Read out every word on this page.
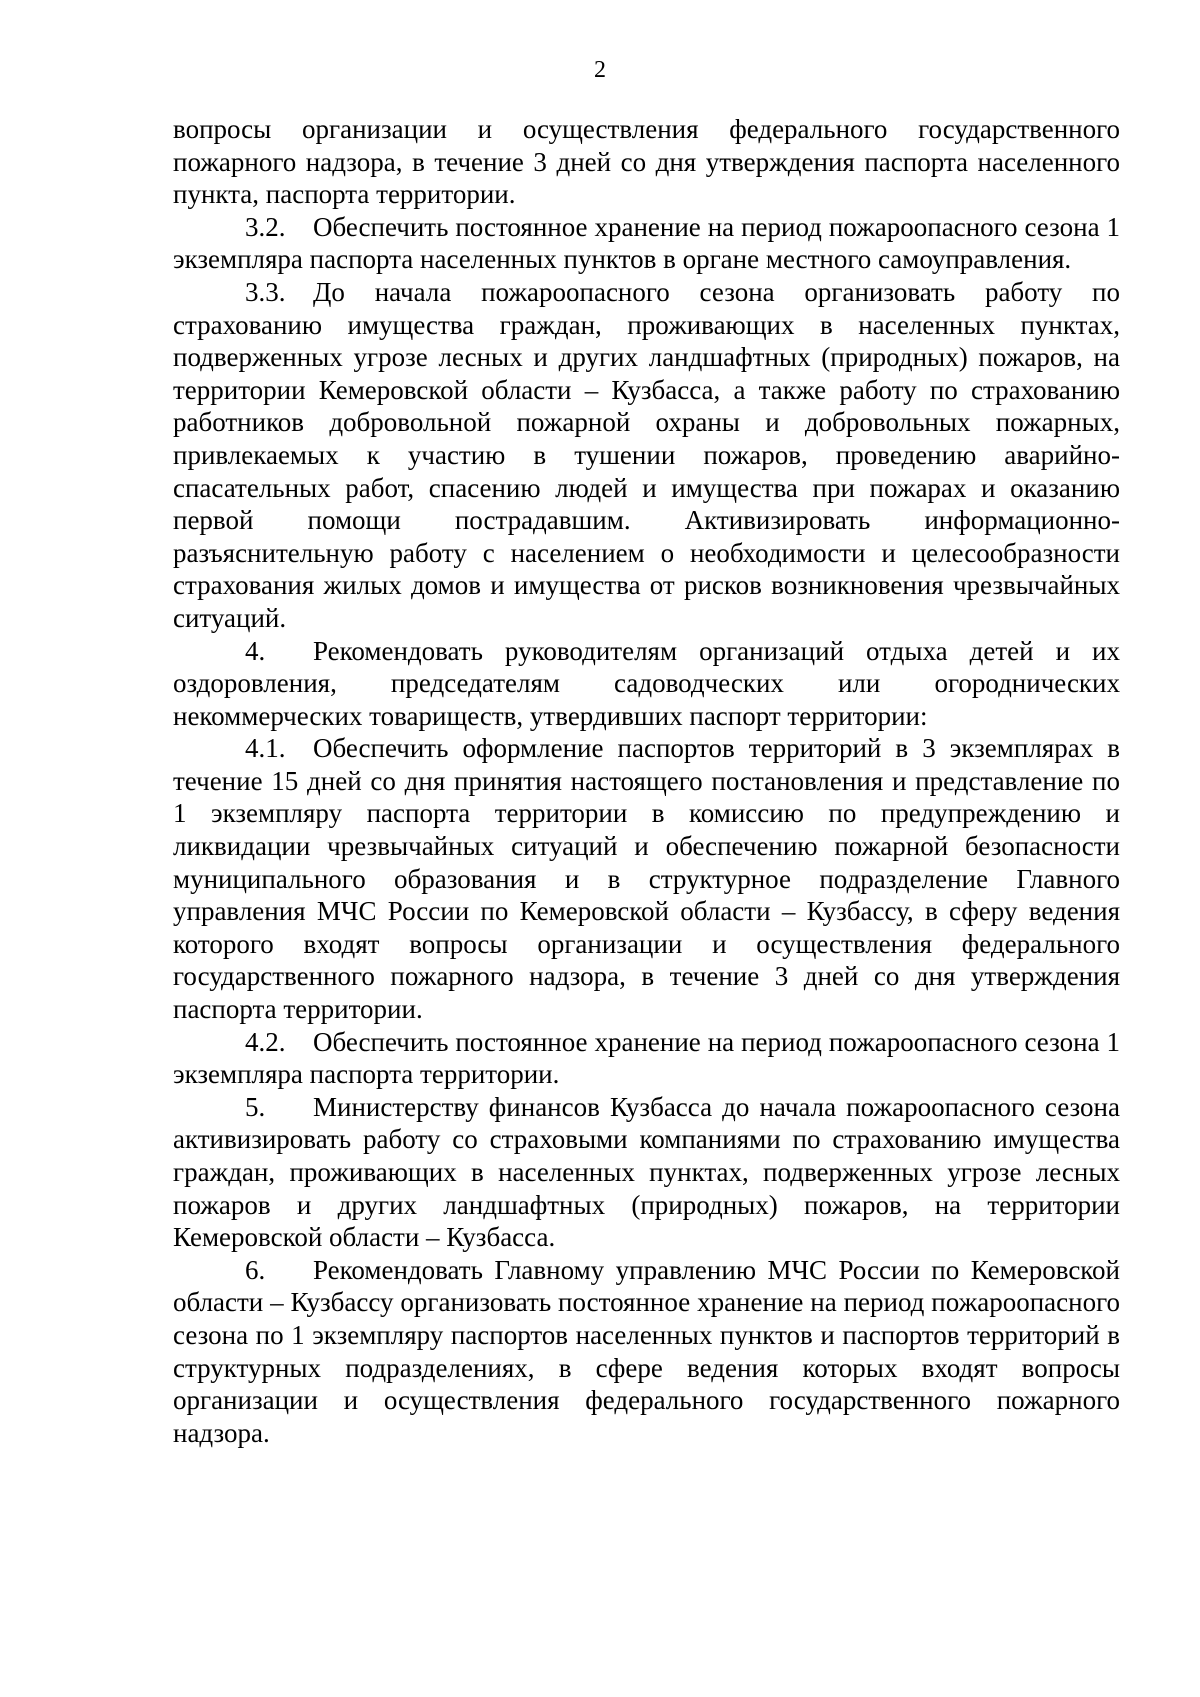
2

вопросы организации и осуществления федерального государственного пожарного надзора, в течение 3 дней со дня утверждения паспорта населенного пункта, паспорта территории.

3.2. Обеспечить постоянное хранение на период пожароопасного сезона 1 экземпляра паспорта населенных пунктов в органе местного самоуправления.

3.3. До начала пожароопасного сезона организовать работу по страхованию имущества граждан, проживающих в населенных пунктах, подверженных угрозе лесных и других ландшафтных (природных) пожаров, на территории Кемеровской области – Кузбасса, а также работу по страхованию работников добровольной пожарной охраны и добровольных пожарных, привлекаемых к участию в тушении пожаров, проведению аварийно-спасательных работ, спасению людей и имущества при пожарах и оказанию первой помощи пострадавшим. Активизировать информационно-разъяснительную работу с населением о необходимости и целесообразности страхования жилых домов и имущества от рисков возникновения чрезвычайных ситуаций.

4. Рекомендовать руководителям организаций отдыха детей и их оздоровления, председателям садоводческих или огороднических некоммерческих товариществ, утвердивших паспорт территории:

4.1. Обеспечить оформление паспортов территорий в 3 экземплярах в течение 15 дней со дня принятия настоящего постановления и представление по 1 экземпляру паспорта территории в комиссию по предупреждению и ликвидации чрезвычайных ситуаций и обеспечению пожарной безопасности муниципального образования и в структурное подразделение Главного управления МЧС России по Кемеровской области – Кузбассу, в сферу ведения которого входят вопросы организации и осуществления федерального государственного пожарного надзора, в течение 3 дней со дня утверждения паспорта территории.

4.2. Обеспечить постоянное хранение на период пожароопасного сезона 1 экземпляра паспорта территории.

5. Министерству финансов Кузбасса до начала пожароопасного сезона активизировать работу со страховыми компаниями по страхованию имущества граждан, проживающих в населенных пунктах, подверженных угрозе лесных пожаров и других ландшафтных (природных) пожаров, на территории Кемеровской области – Кузбасса.

6. Рекомендовать Главному управлению МЧС России по Кемеровской области – Кузбассу организовать постоянное хранение на период пожароопасного сезона по 1 экземпляру паспортов населенных пунктов и паспортов территорий в структурных подразделениях, в сфере ведения которых входят вопросы организации и осуществления федерального государственного пожарного надзора.
